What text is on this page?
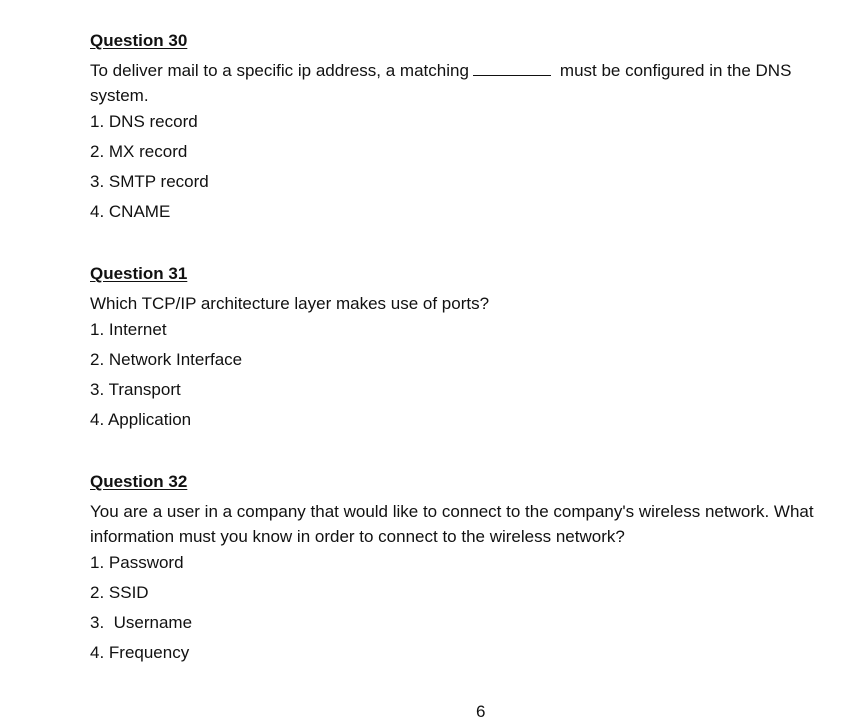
Question 30
To deliver mail to a specific ip address, a matching	must be configured in the DNS system.
1. DNS record
2. MX record
3. SMTP record
4. CNAME
Question 31
Which TCP/IP architecture layer makes use of ports?
1. Internet
2. Network Interface
3. Transport
4. Application
Question 32
You are a user in a company that would like to connect to the company's wireless network. What information must you know in order to connect to the wireless network?
1. Password
2. SSID
3.  Username
4. Frequency
6
